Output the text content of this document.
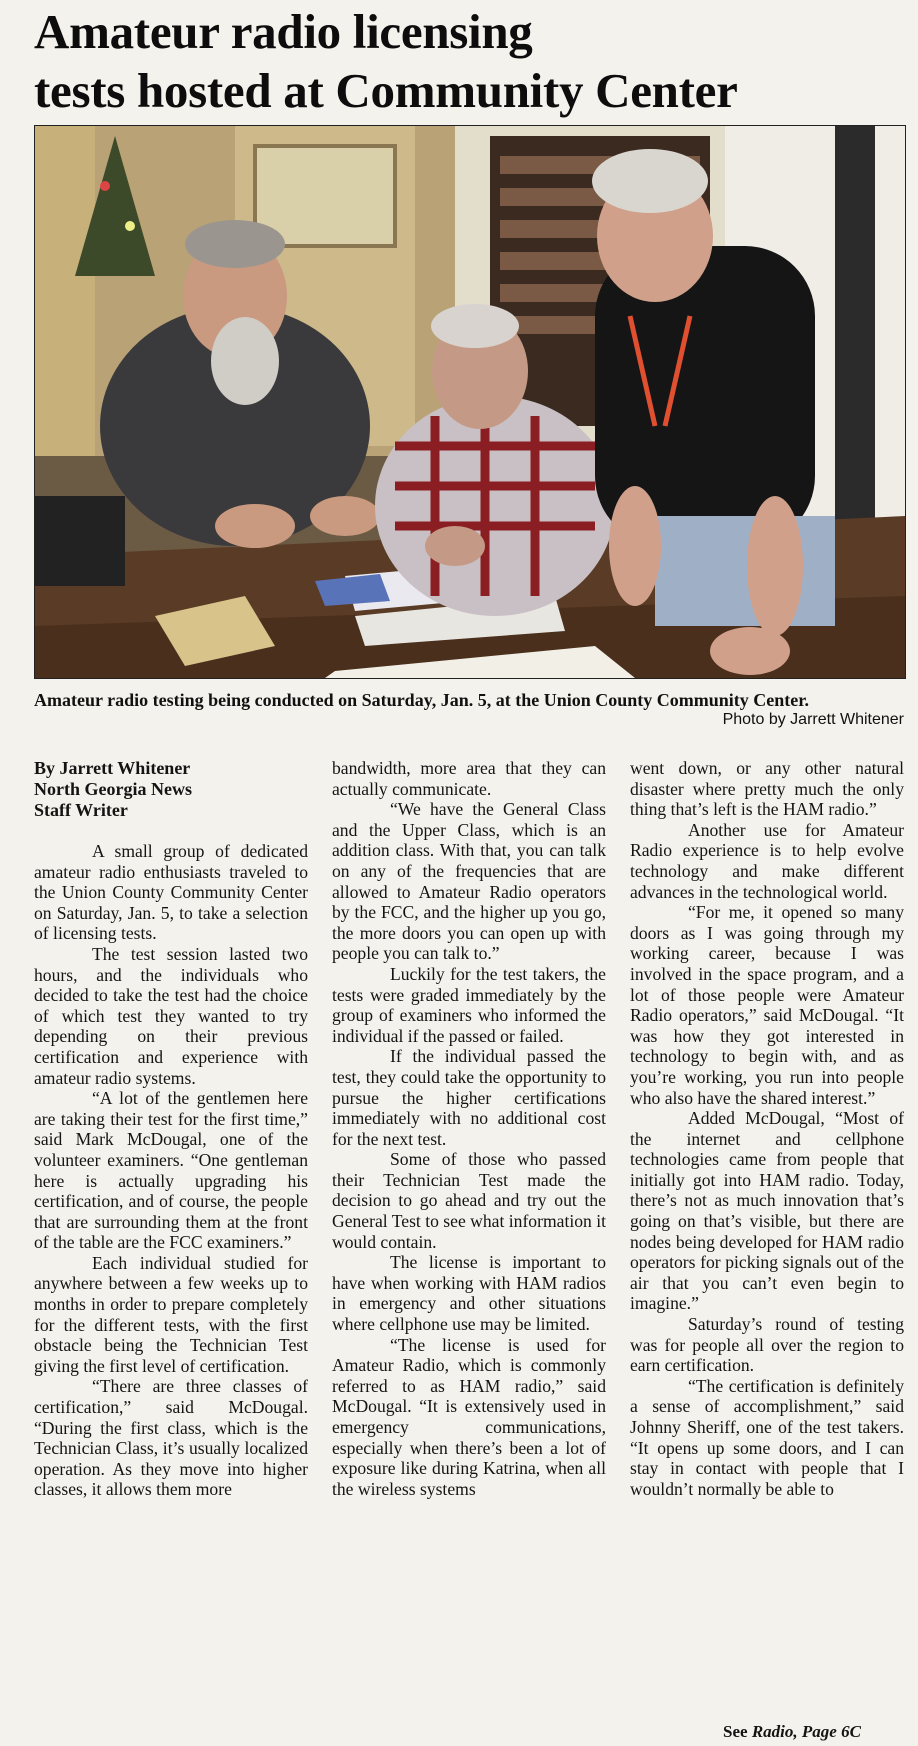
Amateur radio licensing
tests hosted at Community Center
Amateur radio testing being conducted on Saturday, Jan. 5, at the Union County Community Center.
Photo by Jarrett Whitener
By Jarrett Whitener
North Georgia News
Staff Writer

A small group of dedicated amateur radio enthusiasts traveled to the Union County Community Center on Saturday, Jan. 5, to take a selection of licensing tests.

The test session lasted two hours, and the individuals who decided to take the test had the choice of which test they wanted to try depending on their previous certification and experience with amateur radio systems.

“A lot of the gentlemen here are taking their test for the first time,” said Mark McDougal, one of the volunteer examiners. “One gentleman here is actually upgrading his certification, and of course, the people that are surrounding them at the front of the table are the FCC examiners.”

Each individual studied for anywhere between a few weeks up to months in order to prepare completely for the different tests, with the first obstacle being the Technician Test giving the first level of certification.

“There are three classes of certification,” said McDougal. “During the first class, which is the Technician Class, it’s usually localized operation. As they move into higher classes, it allows them more

bandwidth, more area that they can actually communicate.

“We have the General Class and the Upper Class, which is an addition class. With that, you can talk on any of the frequencies that are allowed to Amateur Radio operators by the FCC, and the higher up you go, the more doors you can open up with people you can talk to.”

Luckily for the test takers, the tests were graded immediately by the group of examiners who informed the individual if the passed or failed.

If the individual passed the test, they could take the opportunity to pursue the higher certifications immediately with no additional cost for the next test.

Some of those who passed their Technician Test made the decision to go ahead and try out the General Test to see what information it would contain.

The license is important to have when working with HAM radios in emergency and other situations where cellphone use may be limited.

“The license is used for Amateur Radio, which is commonly referred to as HAM radio,” said McDougal. “It is extensively used in emergency communications, especially when there’s been a lot of exposure like during Katrina, when all the wireless systems

went down, or any other natural disaster where pretty much the only thing that’s left is the HAM radio.”

Another use for Amateur Radio experience is to help evolve technology and make different advances in the technological world.

“For me, it opened so many doors as I was going through my working career, because I was involved in the space program, and a lot of those people were Amateur Radio operators,” said McDougal. “It was how they got interested in technology to begin with, and as you’re working, you run into people who also have the shared interest.”

Added McDougal, “Most of the internet and cellphone technologies came from people that initially got into HAM radio. Today, there’s not as much innovation that’s going on that’s visible, but there are nodes being developed for HAM radio operators for picking signals out of the air that you can’t even begin to imagine.”

Saturday’s round of testing was for people all over the region to earn certification.

“The certification is definitely a sense of accomplishment,” said Johnny Sheriff, one of the test takers. “It opens up some doors, and I can stay in contact with people that I wouldn’t normally be able to

See Radio, Page 6C
